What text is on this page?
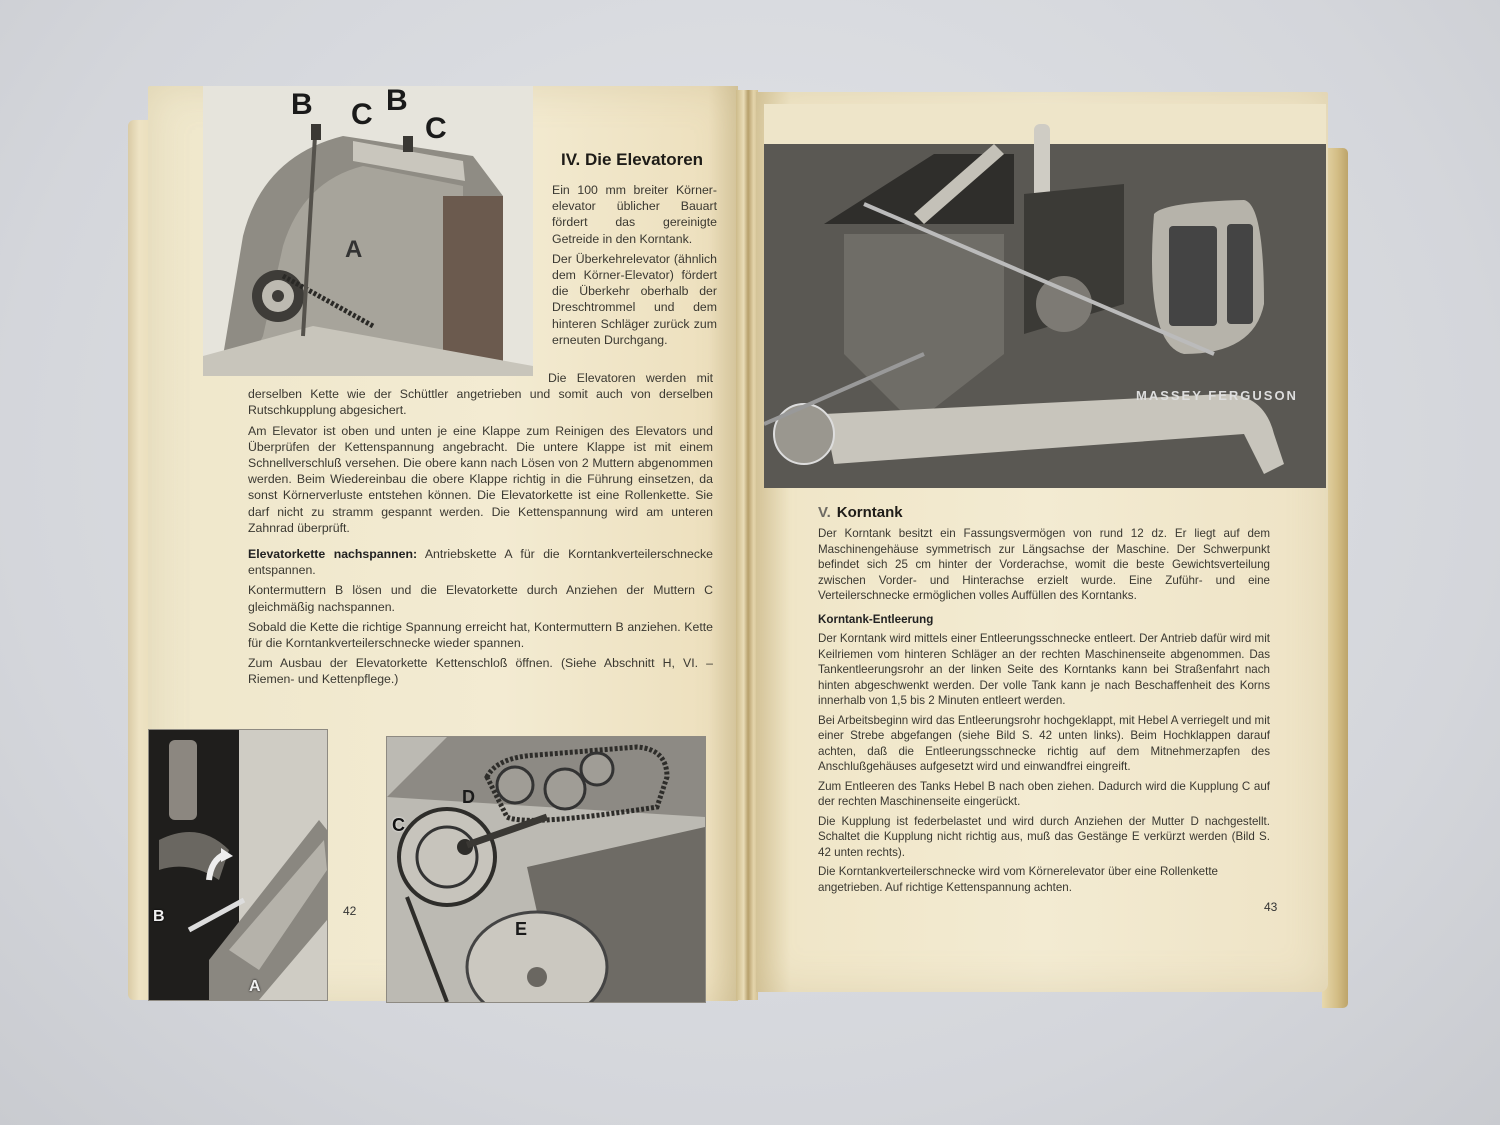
B C B
C
A
IV. Die Elevatoren

Ein 100 mm breiter Körner-elevator üblicher Bauart fördert das gereinigte Getreide in den Korntank.

Der Überkehrelevator (ähnlich dem Körner-Elevator) fördert die Überkehr oberhalb der Dreschtrommel und dem hinteren Schläger zurück zum erneuten Durchgang.

Die Elevatoren werden mit derselben Kette wie der Schüttler angetrieben und somit auch von derselben Rutschkupplung abgesichert.

Am Elevator ist oben und unten je eine Klappe zum Reinigen des Elevators und Überprüfen der Kettenspannung angebracht. Die untere Klappe ist mit einem Schnellverschluß versehen. Die obere kann nach Lösen von 2 Muttern abgenommen werden. Beim Wiedereinbau die obere Klappe richtig in die Führung einsetzen, da sonst Körnerverluste entstehen können. Die Elevatorkette ist eine Rollenkette. Sie darf nicht zu stramm gespannt werden. Die Kettenspannung wird am unteren Zahnrad überprüft.

Elevatorkette nachspannen: Antriebskette A für die Korntankverteilerschnecke entspannen.

Kontermuttern B lösen und die Elevatorkette durch Anziehen der Muttern C gleichmäßig nachspannen.

Sobald die Kette die richtige Spannung erreicht hat, Kontermuttern B anziehen. Kette für die Korntankverteilerschnecke wieder spannen.

Zum Ausbau der Elevatorkette Kettenschloß öffnen. (Siehe Abschnitt H, VI. – Riemen- und Kettenpflege.)

B
A
42
C
D
E
MASSEY FERGUSON
V. Korntank

Der Korntank besitzt ein Fassungsvermögen von rund 12 dz. Er liegt auf dem Maschinengehäuse symmetrisch zur Längsachse der Maschine. Der Schwerpunkt befindet sich 25 cm hinter der Vorderachse, womit die beste Gewichtsverteilung zwischen Vorder- und Hinterachse erzielt wurde. Eine Zuführ- und eine Verteilerschnecke ermöglichen volles Auffüllen des Korntanks.

Korntank-Entleerung

Der Korntank wird mittels einer Entleerungsschnecke entleert. Der Antrieb dafür wird mit Keilriemen vom hinteren Schläger an der rechten Maschinenseite abgenommen. Das Tankentleerungsrohr an der linken Seite des Korntanks kann bei Straßenfahrt nach hinten abgeschwenkt werden. Der volle Tank kann je nach Beschaffenheit des Korns innerhalb von 1,5 bis 2 Minuten entleert werden.

Bei Arbeitsbeginn wird das Entleerungsrohr hochgeklappt, mit Hebel A verriegelt und mit einer Strebe abgefangen (siehe Bild S. 42 unten links). Beim Hochklappen darauf achten, daß die Entleerungsschnecke richtig auf dem Mitnehmerzapfen des Anschlußgehäuses aufgesetzt wird und einwandfrei eingreift.

Zum Entleeren des Tanks Hebel B nach oben ziehen. Dadurch wird die Kupplung C auf der rechten Maschinenseite eingerückt.

Die Kupplung ist federbelastet und wird durch Anziehen der Mutter D nachgestellt. Schaltet die Kupplung nicht richtig aus, muß das Gestänge E verkürzt werden (Bild S. 42 unten rechts).

Die Korntankverteilerschnecke wird vom Körnerelevator über eine Rollenkette angetrieben. Auf richtige Kettenspannung achten.

43
